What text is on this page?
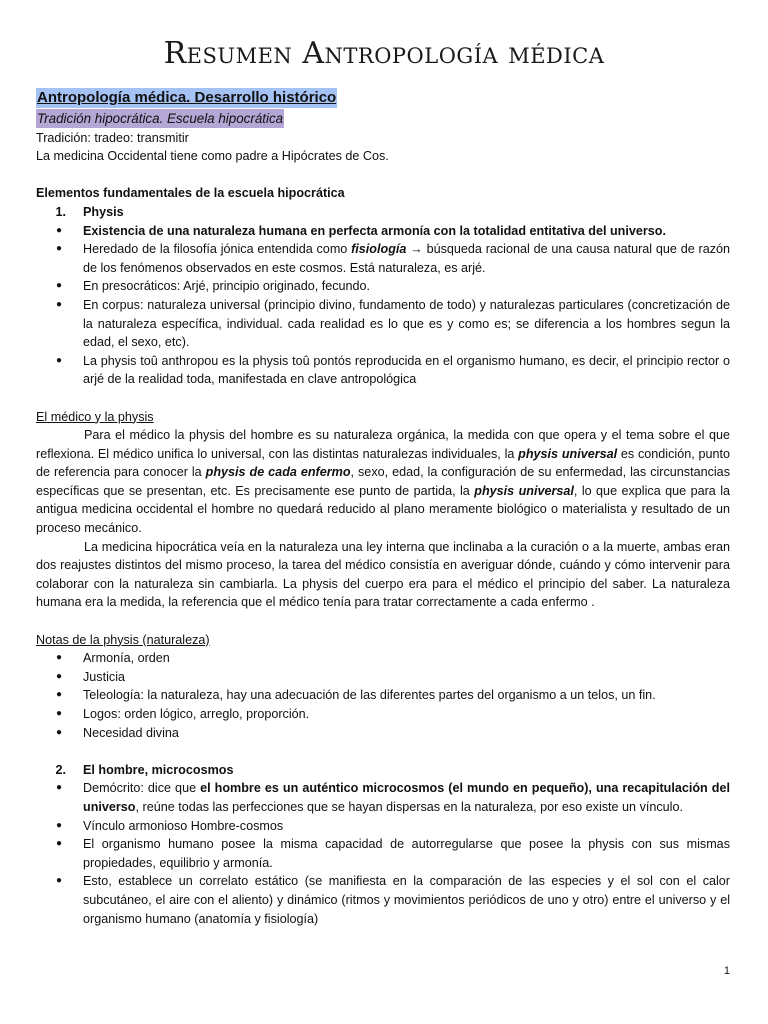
Resumen Antropología médica
Antropología médica. Desarrollo histórico
Tradición hipocrática. Escuela hipocrática

Tradición: tradeo: transmitir

La medicina Occidental tiene como padre a Hipócrates de Cos.

Elementos fundamentales de la escuela hipocrática

1.	Physis
●	Existencia de una naturaleza humana en perfecta armonía con la totalidad entitativa del universo.
●	Heredado de la filosofía jónica entendida como fisiología → búsqueda racional de una causa natural que de razón de los fenómenos observados en este cosmos. Está naturaleza, es arjé.
●	En presocráticos: Arjé, principio originado, fecundo.
●	En corpus: naturaleza universal (principio divino, fundamento de todo) y naturalezas particulares (concretización de la naturaleza específica, individual. cada realidad es lo que es y como es; se diferencia a los hombres segun la edad, el sexo, etc).
●	La physis toû anthropou es la physis toû pontós reproducida en el organismo humano, es decir, el principio rector o arjé de la realidad toda, manifestada en clave antropológica

El médico y la physis

Para el médico la physis del hombre es su naturaleza orgánica, la medida con que opera y el tema sobre el que reflexiona. El médico unifica lo universal, con las distintas naturalezas individuales, la physis universal es condición, punto de referencia para conocer la physis de cada enfermo, sexo, edad, la configuración de su enfermedad, las circunstancias específicas que se presentan, etc. Es precisamente ese punto de partida, la physis universal, lo que explica que para la antigua medicina occidental el hombre no quedará reducido al plano meramente biológico o materialista y resultado de un proceso mecánico.

La medicina hipocrática veía en la naturaleza una ley interna que inclinaba a la curación o a la muerte, ambas eran dos reajustes distintos del mismo proceso, la tarea del médico consistía en averiguar dónde, cuándo y cómo intervenir para colaborar con la naturaleza sin cambiarla. La physis del cuerpo era para el médico el principio del saber. La naturaleza humana era la medida, la referencia que el médico tenía para tratar correctamente a cada enfermo .

Notas de la physis (naturaleza)

●	Armonía, orden
●	Justicia
●	Teleología: la naturaleza, hay una adecuación de las diferentes partes del organismo a un telos, un fin.
●	Logos: orden lógico, arreglo, proporción.
●	Necesidad divina
2.	El hombre, microcosmos
●	Demócrito: dice que el hombre es un auténtico microcosmos (el mundo en pequeño), una recapitulación del universo, reúne todas las perfecciones que se hayan dispersas en la naturaleza, por eso existe un vínculo.
●	Vínculo armonioso Hombre-cosmos
●	El organismo humano posee la misma capacidad de autorregularse que posee la physis con sus mismas propiedades, equilibrio y armonía.
●	Esto, establece un correlato estático (se manifiesta en la comparación de las especies y el sol con el calor subcutáneo, el aire con el aliento) y dinámico (ritmos y movimientos periódicos de uno y otro) entre el universo y el organismo humano (anatomía y fisiología)
1
